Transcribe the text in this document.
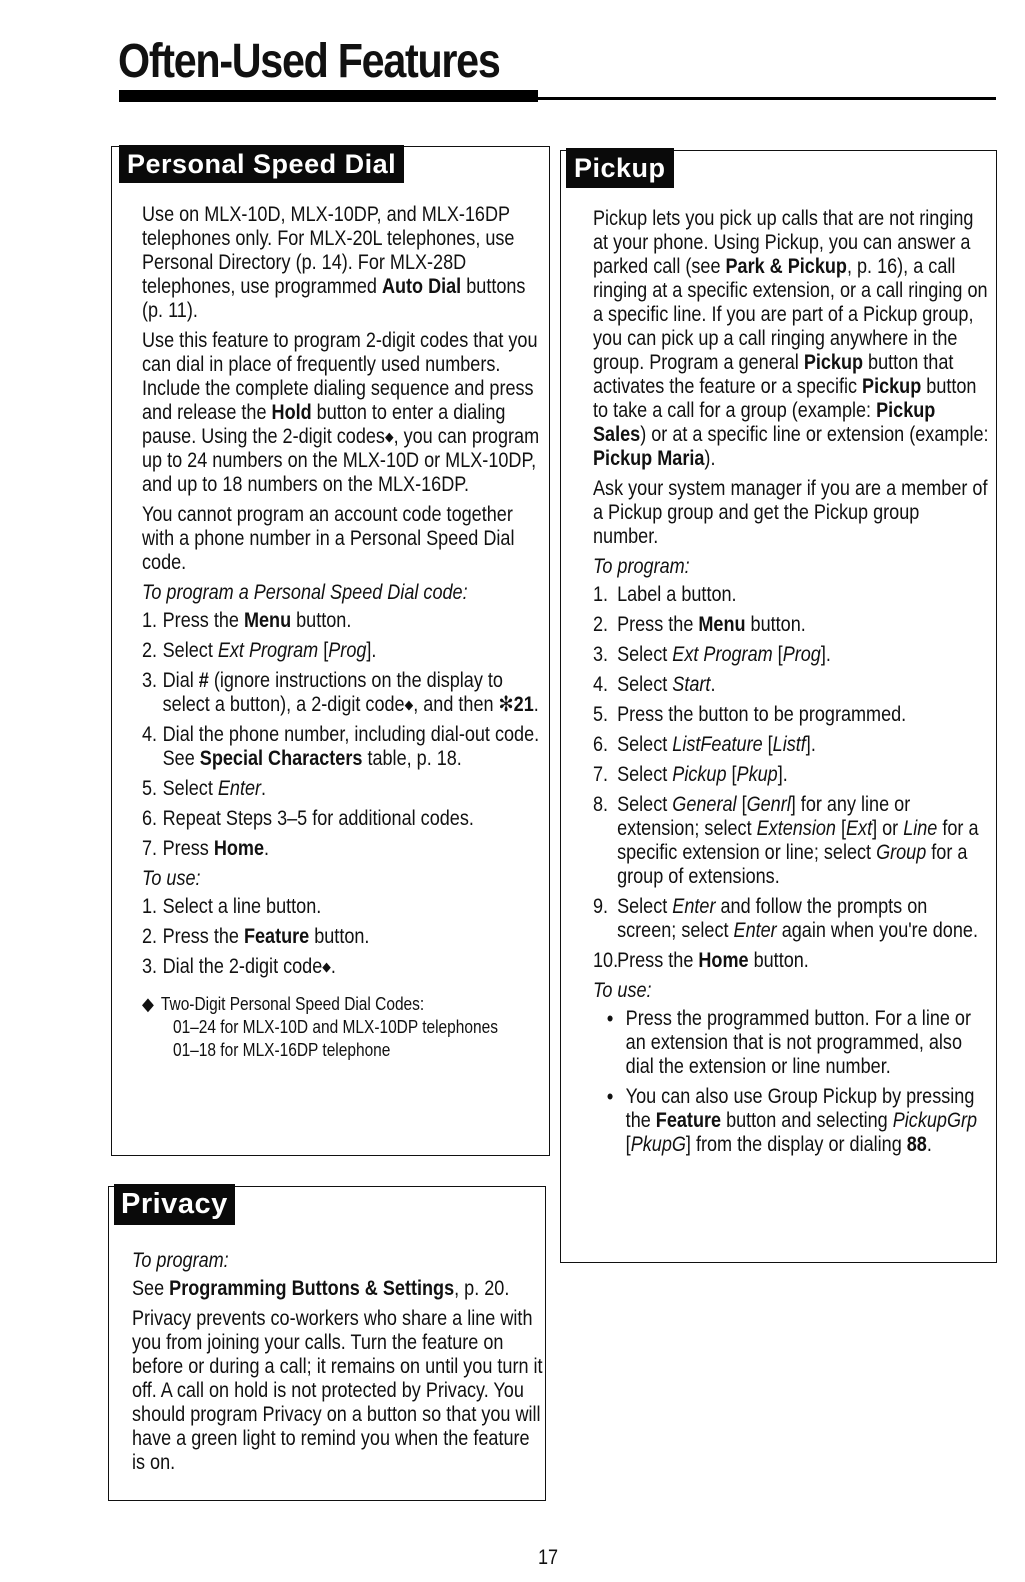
Often-Used Features
Personal Speed Dial

Use on MLX-10D, MLX-10DP, and MLX-16DP telephones only. For MLX-20L telephones, use Personal Directory (p. 14). For MLX-28D telephones, use programmed Auto Dial buttons (p. 11).

Use this feature to program 2-digit codes that you can dial in place of frequently used numbers. Include the complete dialing sequence and press and release the Hold button to enter a dialing pause. Using the 2-digit codes◆, you can program up to 24 numbers on the MLX-10D or MLX-10DP, and up to 18 numbers on the MLX-16DP.

You cannot program an account code together with a phone number in a Personal Speed Dial code.

To program a Personal Speed Dial code:
1. Press the Menu button.
2. Select Ext Program [Prog].
3. Dial # (ignore instructions on the display to select a button), a 2-digit code◆, and then ✻21.
4. Dial the phone number, including dial-out code. See Special Characters table, p. 18.
5. Select Enter.
6. Repeat Steps 3–5 for additional codes.
7. Press Home.
To use:
1. Select a line button.
2. Press the Feature button.
3. Dial the 2-digit code◆.
◆ Two-Digit Personal Speed Dial Codes:
01–24 for MLX-10D and MLX-10DP telephones
01–18 for MLX-16DP telephone
Privacy
To program:

See Programming Buttons & Settings, p. 20.

Privacy prevents co-workers who share a line with you from joining your calls. Turn the feature on before or during a call; it remains on until you turn it off. A call on hold is not protected by Privacy. You should program Privacy on a button so that you will have a green light to remind you when the feature is on.

Pickup

Pickup lets you pick up calls that are not ringing at your phone. Using Pickup, you can answer a parked call (see Park & Pickup, p. 16), a call ringing at a specific extension, or a call ringing on a specific line. If you are part of a Pickup group, you can pick up a call ringing anywhere in the group. Program a general Pickup button that activates the feature or a specific Pickup button to take a call for a group (example: Pickup Sales) or at a specific line or extension (example: Pickup Maria).

Ask your system manager if you are a member of a Pickup group and get the Pickup group number.

To program:
1. Label a button.
2. Press the Menu button.
3. Select Ext Program [Prog].
4. Select Start.
5. Press the button to be programmed.
6. Select ListFeature [Listf].
7. Select Pickup [Pkup].
8. Select General [Genrl] for any line or extension; select Extension [Ext] or Line for a specific extension or line; select Group for a group of extensions.
9. Select Enter and follow the prompts on screen; select Enter again when you're done.
10.
Press the Home button.
To use:
• Press the programmed button. For a line or an extension that is not programmed, also dial the extension or line number.
• You can also use Group Pickup by pressing the Feature button and selecting PickupGrp [PkupG] from the display or dialing 88.
17
